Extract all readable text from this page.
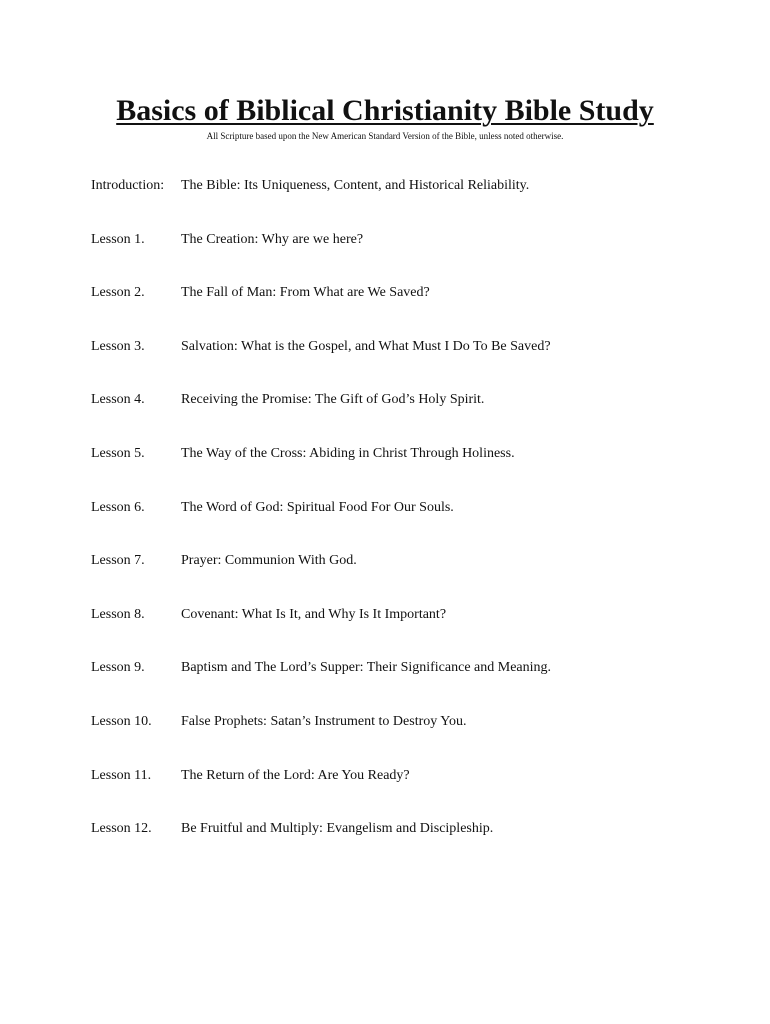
Basics of Biblical Christianity Bible Study

All Scripture based upon the New American Standard Version of the Bible, unless noted otherwise.

Introduction:	The Bible: Its Uniqueness, Content, and Historical Reliability.
Lesson 1.	The Creation: Why are we here?
Lesson 2.	The Fall of Man: From What are We Saved?
Lesson 3.	Salvation: What is the Gospel, and What Must I Do To Be Saved?
Lesson 4.	Receiving the Promise: The Gift of God’s Holy Spirit.
Lesson 5.	The Way of the Cross: Abiding in Christ Through Holiness.
Lesson 6.	The Word of God: Spiritual Food For Our Souls.
Lesson 7.	Prayer: Communion With God.
Lesson 8.	Covenant: What Is It, and Why Is It Important?
Lesson 9.	Baptism and The Lord’s Supper: Their Significance and Meaning.
Lesson 10.	False Prophets: Satan’s Instrument to Destroy You.
Lesson 11.	The Return of the Lord: Are You Ready?
Lesson 12.	Be Fruitful and Multiply: Evangelism and Discipleship.
